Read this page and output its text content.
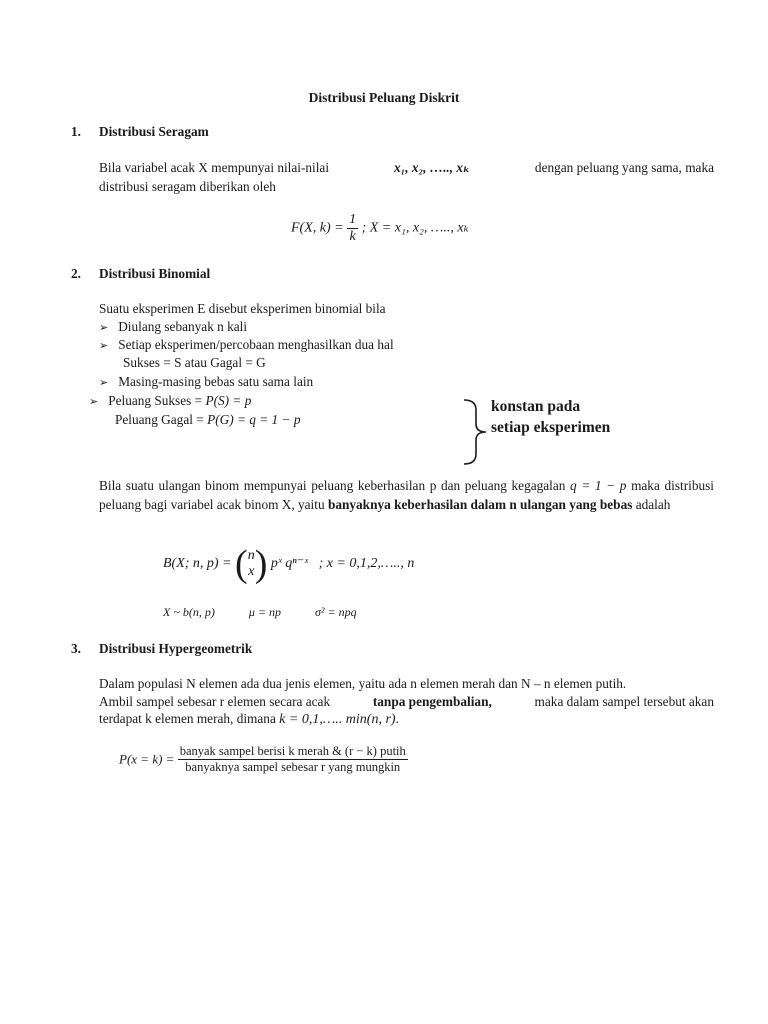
Distribusi Peluang Diskrit
1. Distribusi Seragam
Bila variabel acak X mempunyai nilai-nilai	x₁, x₂, ….., xₖ	dengan peluang yang sama, maka
distribusi seragam diberikan oleh
F(X, $k) = \frac{1}{k}$ ; X = x₁, x₂, ….., xₖ
2. Distribusi Binomial
Suatu eksperimen E disebut eksperimen binomial bila
➢ Diulang sebanyak n kali
➢ Setiap eksperimen/percobaan menghasilkan dua hal
Sukses = S atau Gagal = G
➢ Masing-masing bebas satu sama lain
➢ Peluang Sukses = P(S) = p
Peluang Gagal = P(G) = q = 1 − p
konstan pada
setiap eksperimen
Bila suatu ulangan binom mempunyai peluang keberhasilan p dan peluang kegagalan q = 1 − p maka distribusi peluang bagi variabel acak binom X, yaitu banyaknya keberhasilan dalam n ulangan yang bebas adalah
B(X; n, p) = ( n
x ) pˣ qⁿ⁻ˣ ; x = 0,1,2,….., n
X ~ b(n, p)	μ = np	σ² = npq
3. Distribusi Hypergeometrik
Dalam populasi N elemen ada dua jenis elemen, yaitu ada n elemen merah dan N – n elemen putih.
Ambil sampel sebesar r elemen secara acak	tanpa pengembalian,	maka dalam sampel tersebut akan
terdapat k elemen merah, dimana k = 0,1,….. min(n, r).
$P(x = k) = \frac{\text{banyak sampel berisi k merah \& (r − k) putih}}{\text{banyaknya sampel sebesar r yang mungkin}}$
